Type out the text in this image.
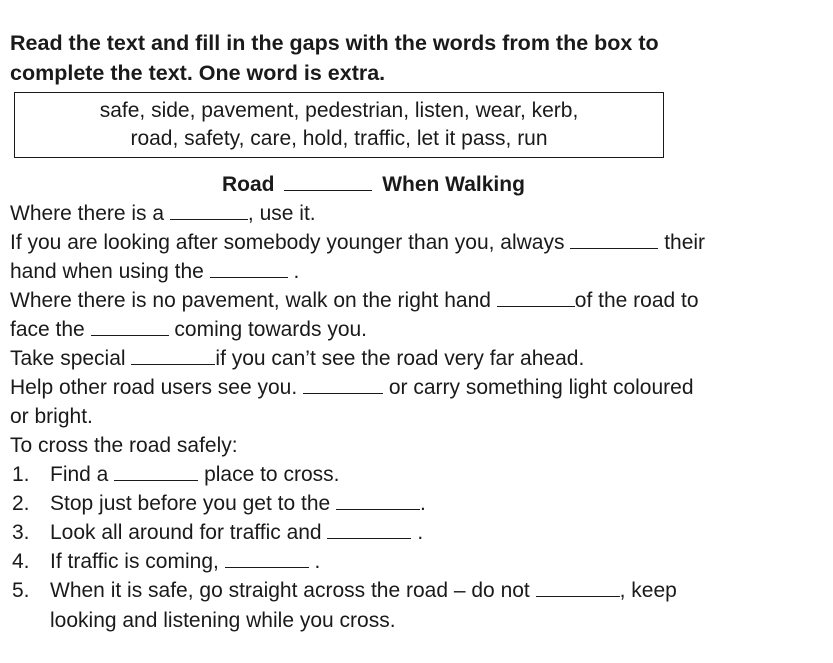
Read the text and fill in the gaps with the words from the box to
complete the text. One word is extra.
safe, side, pavement, pedestrian, listen, wear, kerb,
road, safety, care, hold, traffic, let it pass, run
Road	When Walking
Where there is a	, use it.
If you are looking after somebody younger than you, always	their
hand when using the	.
Where there is no pavement, walk on the right hand	of the road to
face the	coming towards you.
Take special	if you can’t see the road very far ahead.
Help other road users see you.	or carry something light coloured
or bright.
To cross the road safely:
1. Find a	place to cross.
2. Stop just before you get to the	.
3. Look all around for traffic and	.
4. If traffic is coming,	.
5. When it is safe, go straight across the road – do not	, keep
looking and listening while you cross.
